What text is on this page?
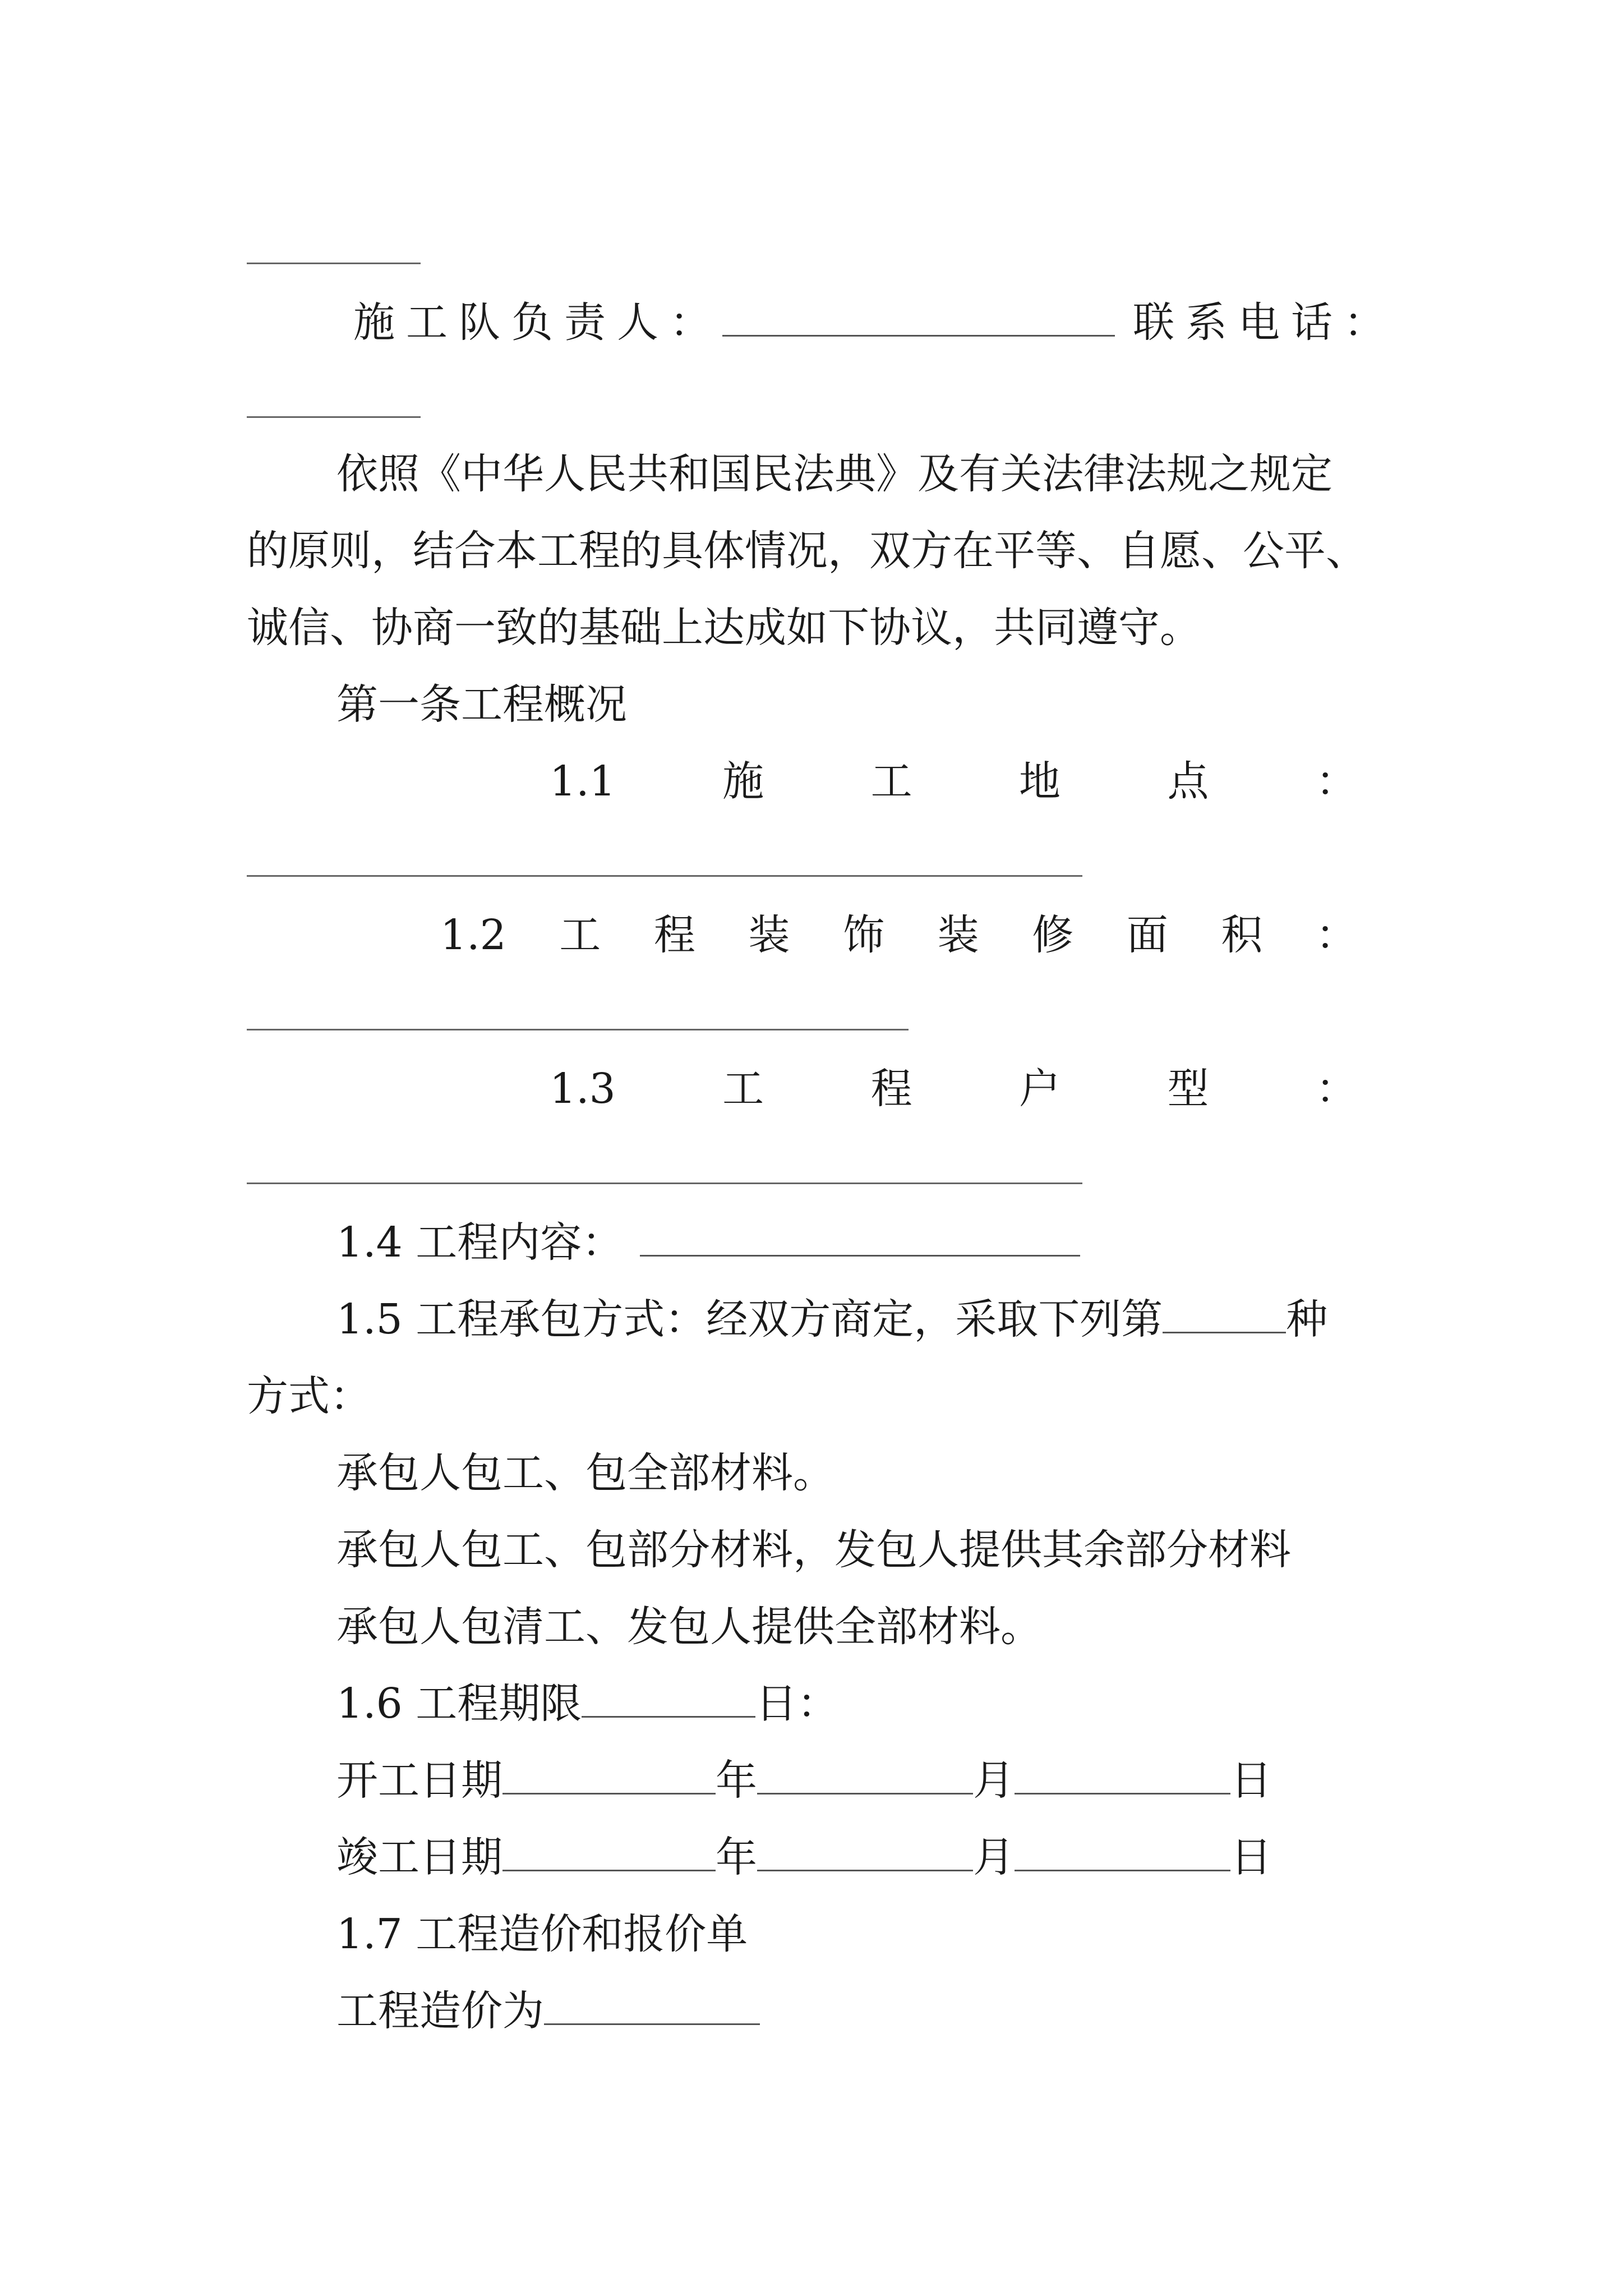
施工队负责人：	联系电话：
依照《中华人民共和国民法典》及有关法律法规之规定
的原则，结合本工程的具体情况，双方在平等、自愿、公平、
诚信、协商一致的基础上达成如下协议，共同遵守。
第一条工程概况
1.1	施	工	地	点	：
1.2 工 程 装 饰 装 修 面 积 ：
1.3	工	程	户	型	：
1.4 工程内容：
1.5 工程承包方式：经双方商定，采取下列第	种
方式：
承包人包工、包全部材料。
承包人包工、包部分材料，发包人提供其余部分材料
承包人包清工、发包人提供全部材料。
1.6 工程期限	日：
开工日期	年	月	日
竣工日期	年	月	日
1.7 工程造价和报价单
工程造价为
